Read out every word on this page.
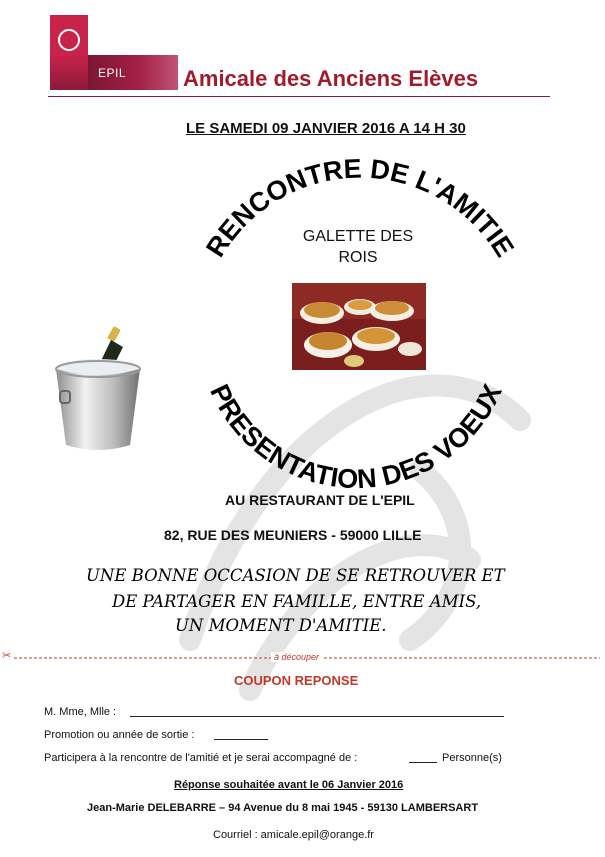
RENCONTRE DE L'AMITIE
PRESENTATION DES VOEUX
EPIL	Amicale des Anciens Elèves
LE SAMEDI 09 JANVIER 2016 A 14 H 30
GALETTE DES
ROIS
AU RESTAURANT DE L'EPIL
82, RUE DES MEUNIERS - 59000 LILLE
UNE BONNE OCCASION DE SE RETROUVER ET
DE PARTAGER EN FAMILLE, ENTRE AMIS,
UN MOMENT D'AMITIE.
✂	à découper
COUPON REPONSE
M. Mme, Mlle :
Promotion ou année de sortie :
Participera à la rencontre de l'amitié et je serai accompagné de :	Personne(s)
Réponse souhaitée avant le 06 Janvier 2016
Jean-Marie DELEBARRE – 94 Avenue du 8 mai 1945 - 59130 LAMBERSART
Courriel : amicale.epil@orange.fr
